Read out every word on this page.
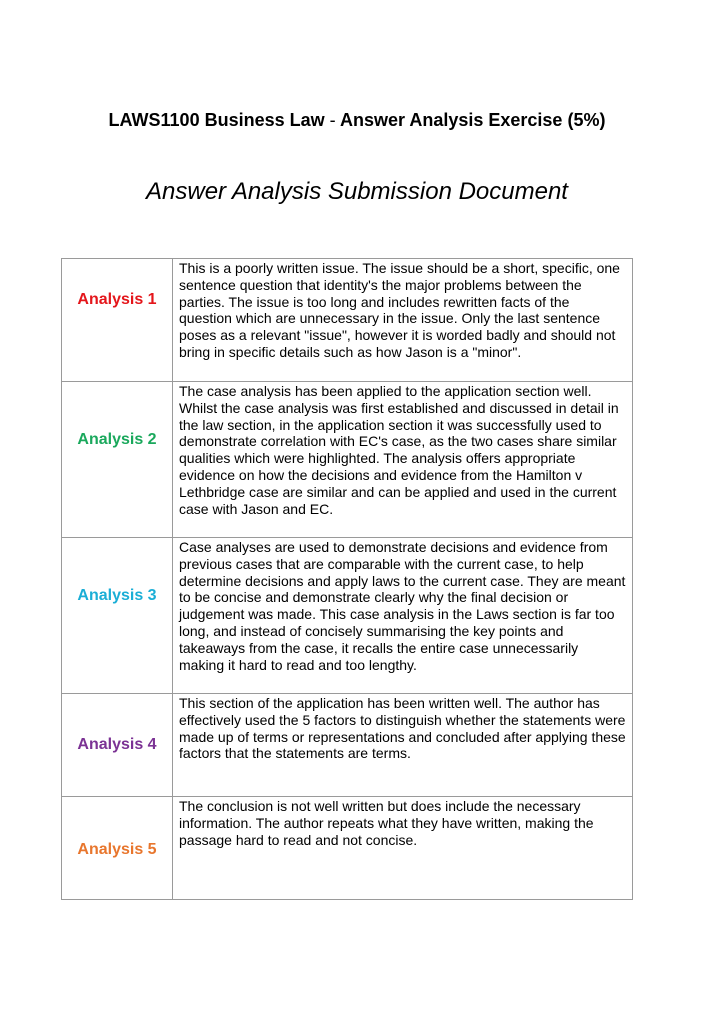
LAWS1100 Business Law - Answer Analysis Exercise (5%)
Answer Analysis Submission Document
Analysis 1	This is a poorly written issue. The issue should be a short, specific, one sentence question that identity's the major problems between the parties. The issue is too long and includes rewritten facts of the question which are unnecessary in the issue. Only the last sentence poses as a relevant "issue", however it is worded badly and should not bring in specific details such as how Jason is a "minor".
Analysis 2	The case analysis has been applied to the application section well. Whilst the case analysis was first established and discussed in detail in the law section, in the application section it was successfully used to demonstrate correlation with EC's case, as the two cases share similar qualities which were highlighted. The analysis offers appropriate evidence on how the decisions and evidence from the Hamilton v Lethbridge case are similar and can be applied and used in the current case with Jason and EC.
Analysis 3	Case analyses are used to demonstrate decisions and evidence from previous cases that are comparable with the current case, to help determine decisions and apply laws to the current case. They are meant to be concise and demonstrate clearly why the final decision or judgement was made. This case analysis in the Laws section is far too long, and instead of concisely summarising the key points and takeaways from the case, it recalls the entire case unnecessarily making it hard to read and too lengthy.
Analysis 4	This section of the application has been written well. The author has effectively used the 5 factors to distinguish whether the statements were made up of terms or representations and concluded after applying these factors that the statements are terms.
Analysis 5	The conclusion is not well written but does include the necessary information. The author repeats what they have written, making the passage hard to read and not concise.
